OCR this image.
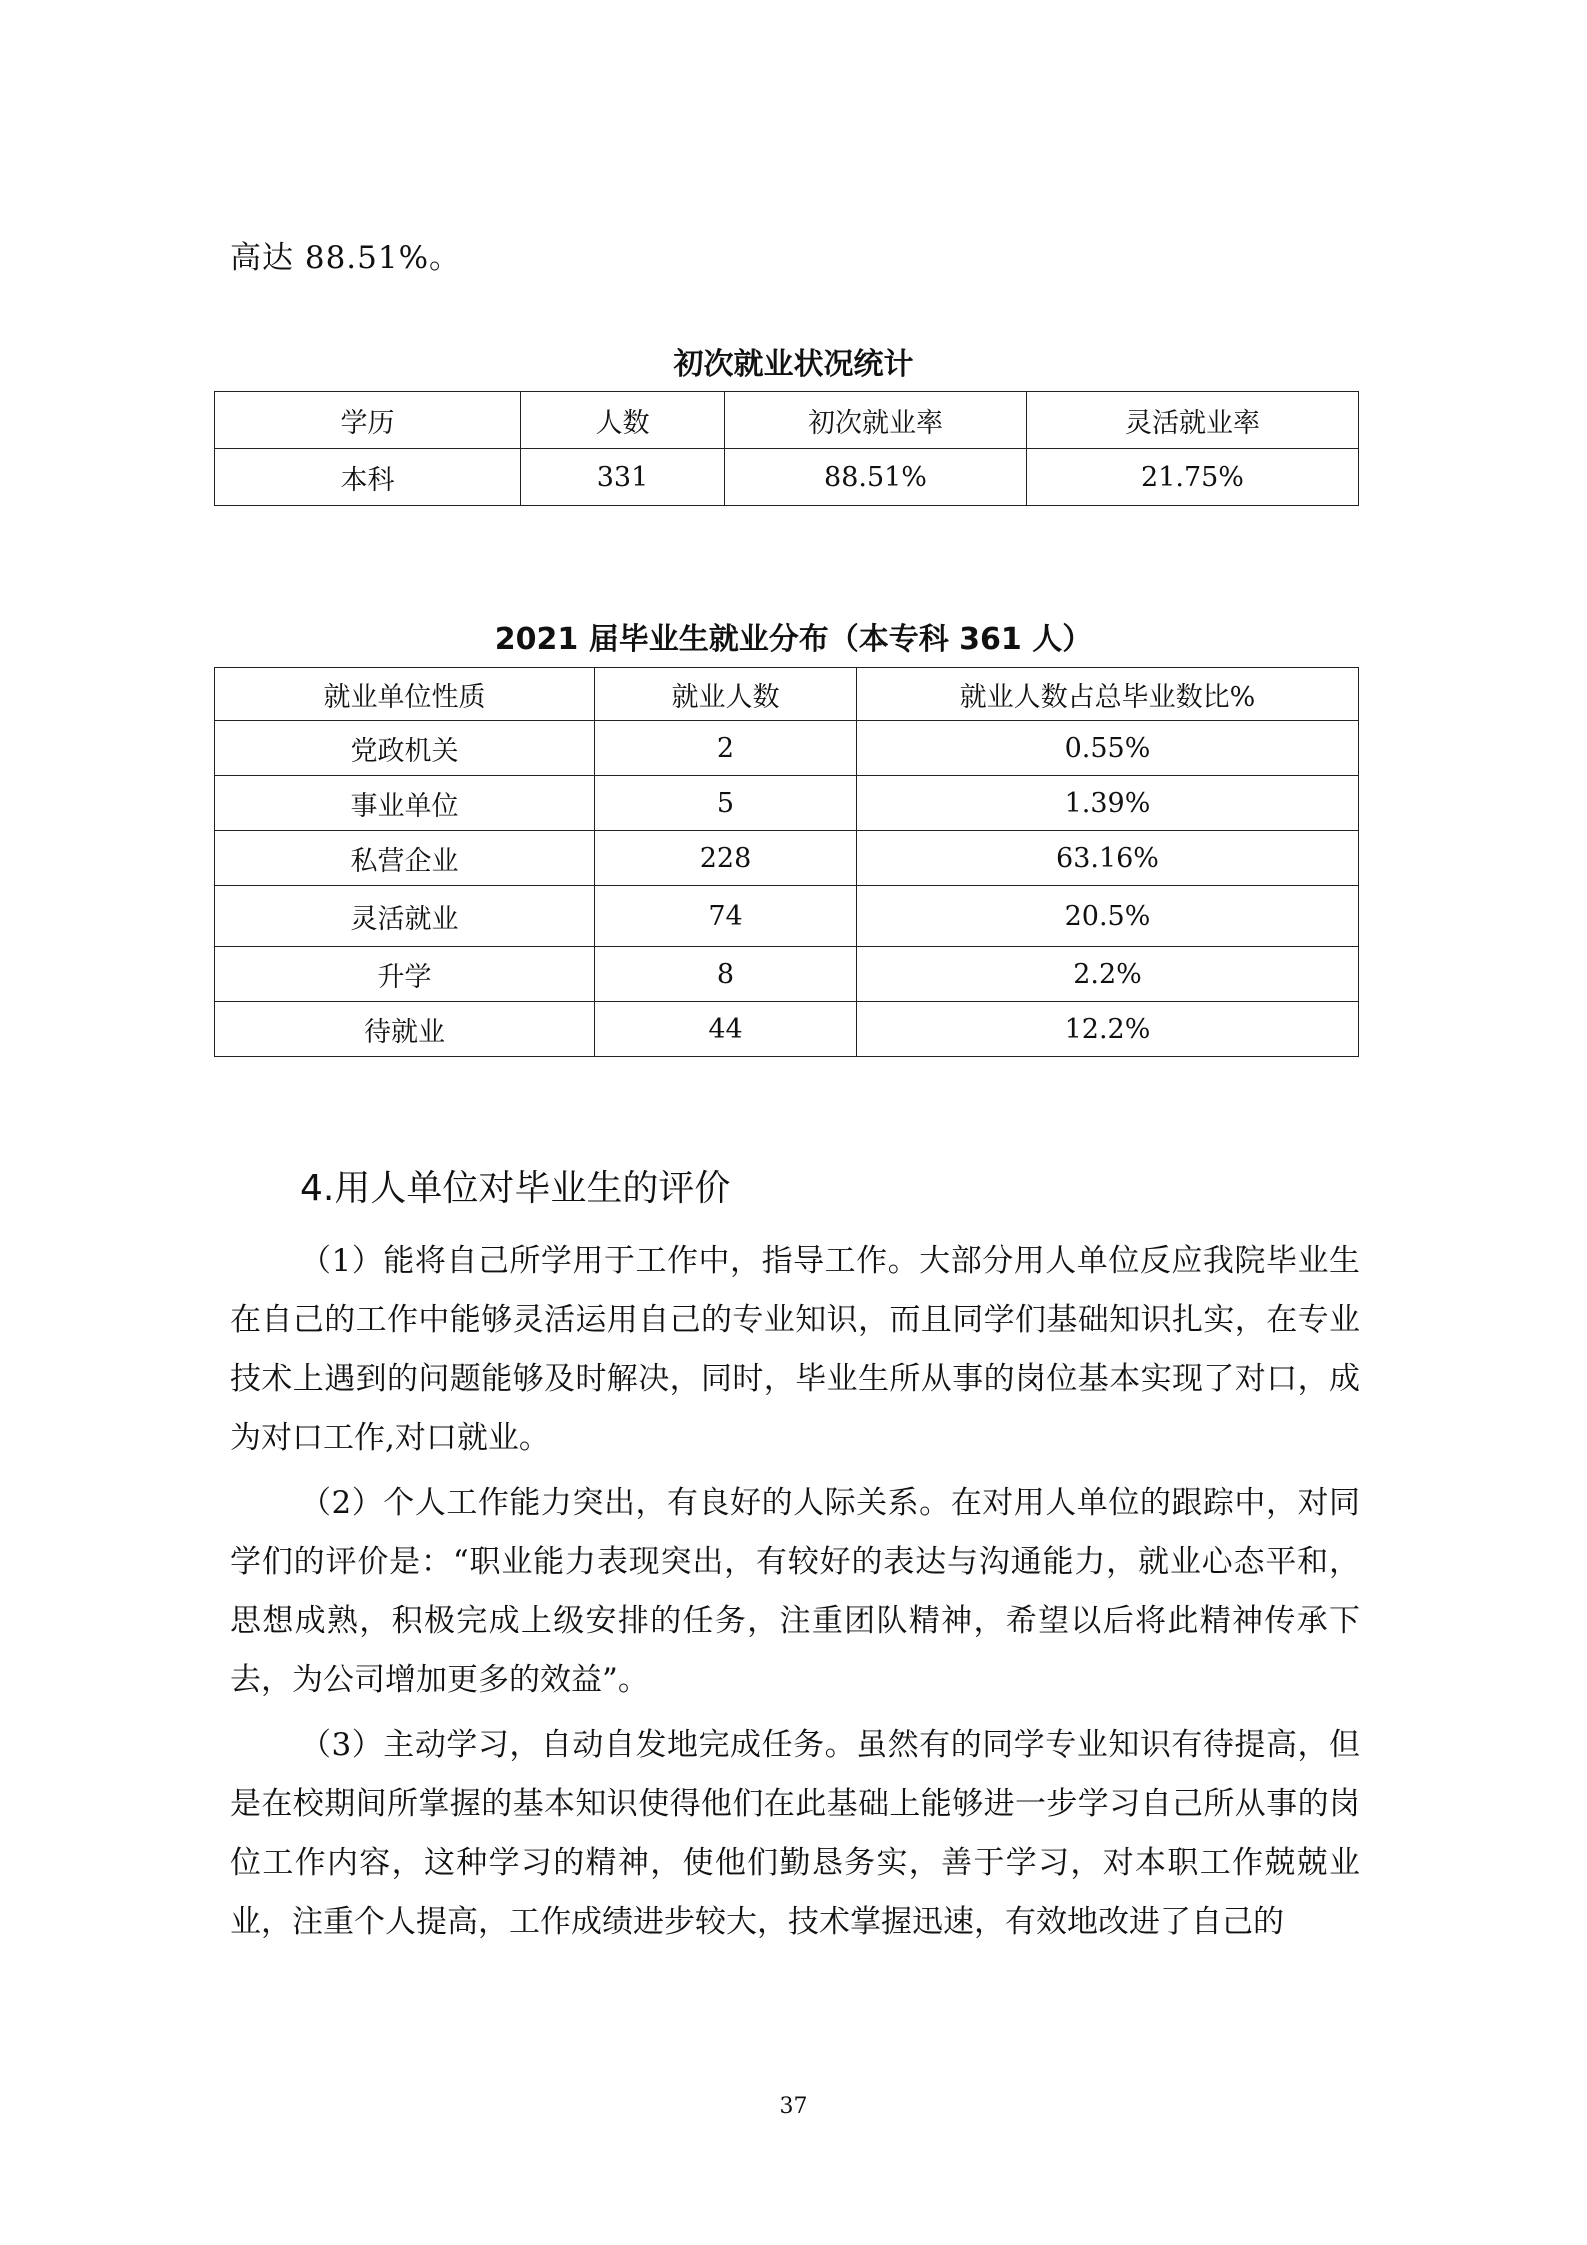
高达 88.51%。
初次就业状况统计
学历	人数	初次就业率	灵活就业率
本科	331	88.51%	21.75%
2021 届毕业生就业分布（本专科 361 人）
就业单位性质	就业人数	就业人数占总毕业数比%
党政机关	2	0.55%
事业单位	5	1.39%
私营企业	228	63.16%
灵活就业	74	20.5%
升学	8	2.2%
待就业	44	12.2%
4.用人单位对毕业生的评价

（1）能将自己所学用于工作中，指导工作。大部分用人单位反应我院毕业生在自己的工作中能够灵活运用自己的专业知识，而且同学们基础知识扎实，在专业技术上遇到的问题能够及时解决，同时，毕业生所从事的岗位基本实现了对口，成为对口工作,对口就业。

（2）个人工作能力突出，有良好的人际关系。在对用人单位的跟踪中，对同学们的评价是：“职业能力表现突出，有较好的表达与沟通能力，就业心态平和，思想成熟，积极完成上级安排的任务，注重团队精神，希望以后将此精神传承下去，为公司增加更多的效益”。

（3）主动学习，自动自发地完成任务。虽然有的同学专业知识有待提高，但是在校期间所掌握的基本知识使得他们在此基础上能够进一步学习自己所从事的岗位工作内容，这种学习的精神，使他们勤恳务实，善于学习，对本职工作兢兢业业，注重个人提高，工作成绩进步较大，技术掌握迅速，有效地改进了自己的

37
